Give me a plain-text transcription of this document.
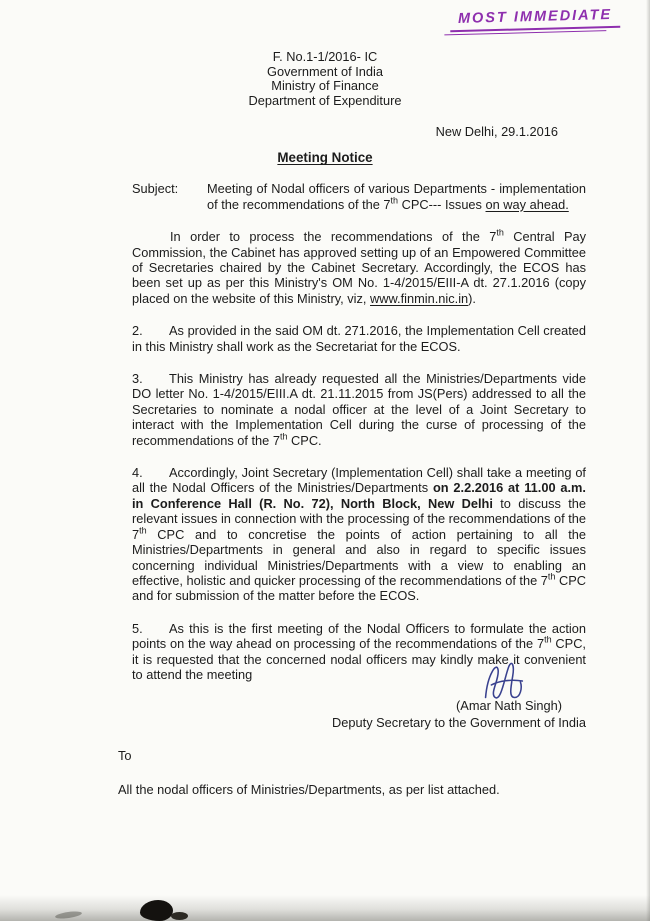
MOST IMMEDIATE
F. No.1-1/2016- IC
Government of India
Ministry of Finance
Department of Expenditure
New Delhi, 29.1.2016
Meeting Notice
Subject:	Meeting of Nodal officers of various Departments - implementation of the recommendations of the 7th CPC--- Issues on way ahead.

In order to process the recommendations of the 7th Central Pay Commission, the Cabinet has approved setting up of an Empowered Committee of Secretaries chaired by the Cabinet Secretary. Accordingly, the ECOS has been set up as per this Ministry's OM No. 1-4/2015/EIII-A dt. 27.1.2016 (copy placed on the website of this Ministry, viz, www.finmin.nic.in).

2. As provided in the said OM dt. 271.2016, the Implementation Cell created in this Ministry shall work as the Secretariat for the ECOS.

3. This Ministry has already requested all the Ministries/Departments vide DO letter No. 1-4/2015/EIII.A dt. 21.11.2015 from JS(Pers) addressed to all the Secretaries to nominate a nodal officer at the level of a Joint Secretary to interact with the Implementation Cell during the curse of processing of the recommendations of the 7th CPC.

4. Accordingly, Joint Secretary (Implementation Cell) shall take a meeting of all the Nodal Officers of the Ministries/Departments on 2.2.2016 at 11.00 a.m. in Conference Hall (R. No. 72), North Block, New Delhi to discuss the relevant issues in connection with the processing of the recommendations of the 7th CPC and to concretise the points of action pertaining to all the Ministries/Departments in general and also in regard to specific issues concerning individual Ministries/Departments with a view to enabling an effective, holistic and quicker processing of the recommendations of the 7th CPC and for submission of the matter before the ECOS.

5. As this is the first meeting of the Nodal Officers to formulate the action points on the way ahead on processing of the recommendations of the 7th CPC, it is requested that the concerned nodal officers may kindly make it convenient to attend the meeting

(Amar Nath Singh)
Deputy Secretary to the Government of India
To
All the nodal officers of Ministries/Departments, as per list attached.
